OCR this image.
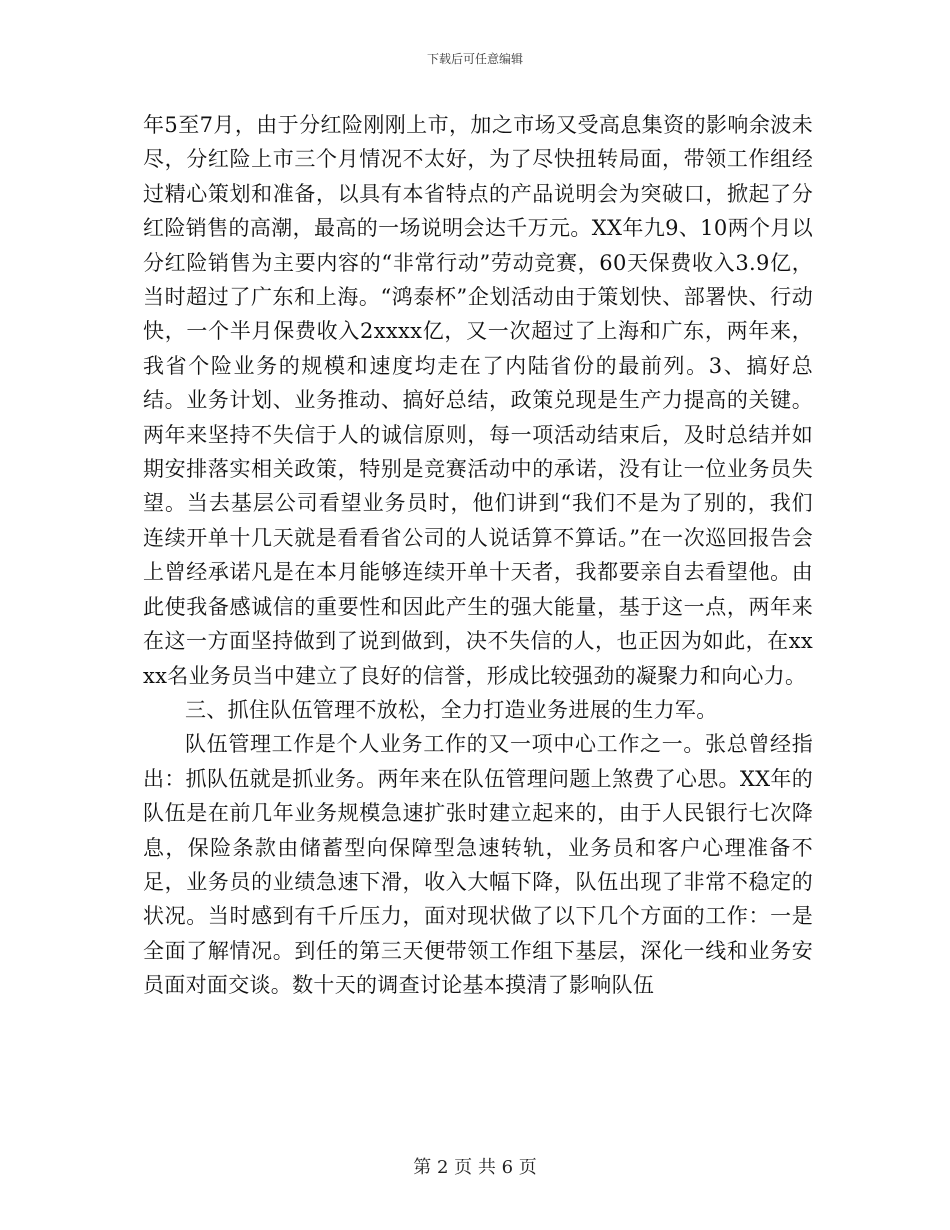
下载后可任意编辑

年5至7月，由于分红险刚刚上市，加之市场又受高息集资的影响余波未尽，分红险上市三个月情况不太好，为了尽快扭转局面，带领工作组经过精心策划和准备，以具有本省特点的产品说明会为突破口，掀起了分红险销售的高潮，最高的一场说明会达千万元。XX年九9、10两个月以分红险销售为主要内容的“非常行动”劳动竞赛，60天保费收入3.9亿，当时超过了广东和上海。“鸿泰杯”企划活动由于策划快、部署快、行动快，一个半月保费收入2xxxx亿，又一次超过了上海和广东，两年来，我省个险业务的规模和速度均走在了内陆省份的最前列。3、搞好总结。业务计划、业务推动、搞好总结，政策兑现是生产力提高的关键。两年来坚持不失信于人的诚信原则，每一项活动结束后，及时总结并如期安排落实相关政策，特别是竞赛活动中的承诺，没有让一位业务员失望。当去基层公司看望业务员时，他们讲到“我们不是为了别的，我们连续开单十几天就是看看省公司的人说话算不算话。”在一次巡回报告会上曾经承诺凡是在本月能够连续开单十天者，我都要亲自去看望他。由此使我备感诚信的重要性和因此产生的强大能量，基于这一点，两年来在这一方面坚持做到了说到做到，决不失信的人，也正因为如此，在xxxx名业务员当中建立了良好的信誉，形成比较强劲的凝聚力和向心力。

三、抓住队伍管理不放松，全力打造业务进展的生力军。

队伍管理工作是个人业务工作的又一项中心工作之一。张总曾经指出：抓队伍就是抓业务。两年来在队伍管理问题上煞费了心思。XX年的队伍是在前几年业务规模急速扩张时建立起来的，由于人民银行七次降息，保险条款由储蓄型向保障型急速转轨，业务员和客户心理准备不足，业务员的业绩急速下滑，收入大幅下降，队伍出现了非常不稳定的状况。当时感到有千斤压力，面对现状做了以下几个方面的工作：一是全面了解情况。到任的第三天便带领工作组下基层，深化一线和业务安员面对面交谈。数十天的调查讨论基本摸清了影响队伍

第 2 页 共 6 页
